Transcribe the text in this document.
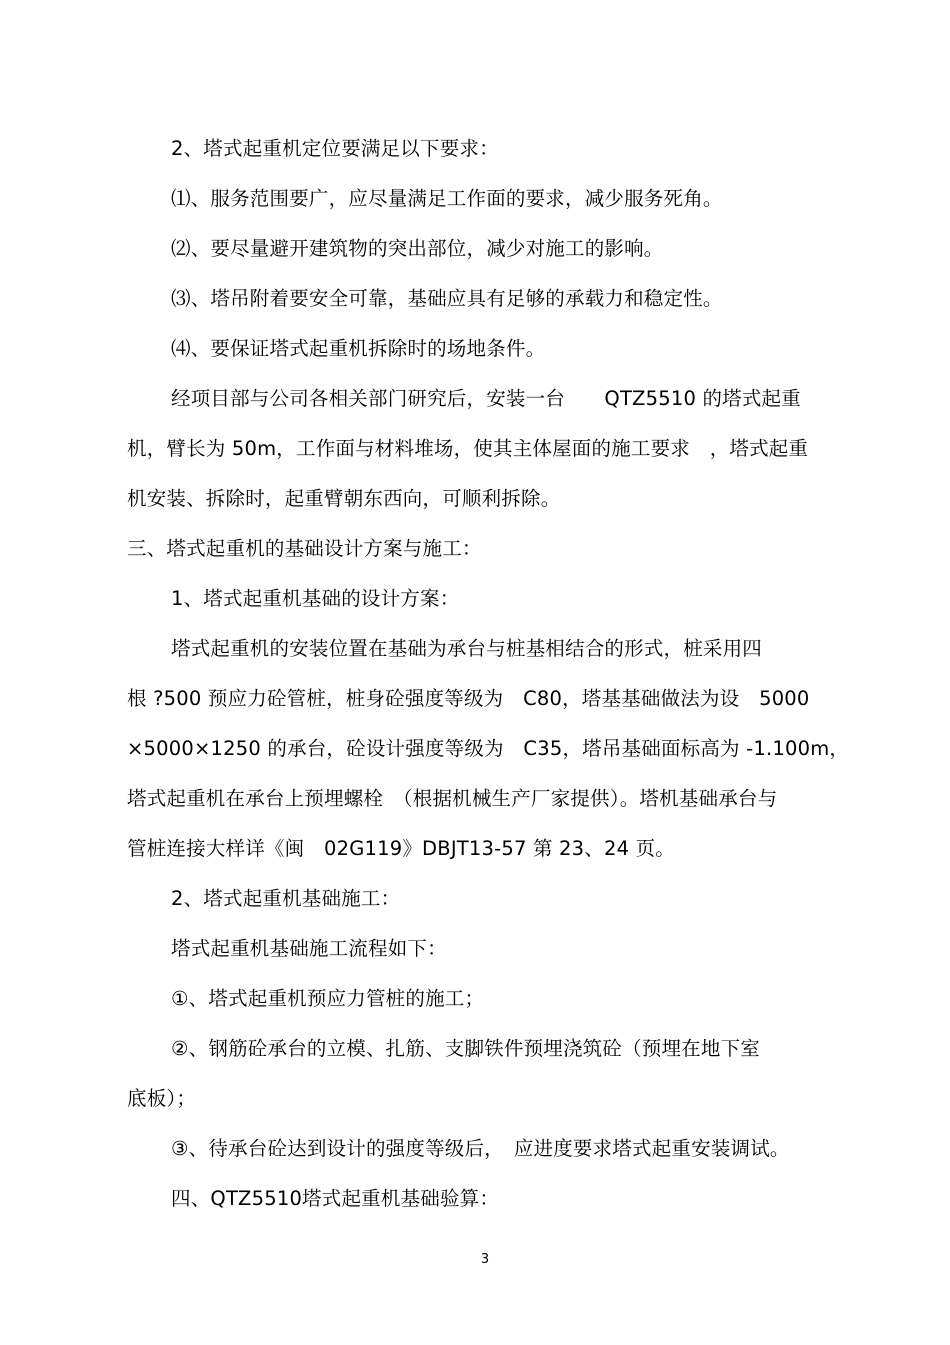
2、塔式起重机定位要满足以下要求：
⑴、服务范围要广，应尽量满足工作面的要求，减少服务死角。
⑵、要尽量避开建筑物的突出部位，减少对施工的影响。
⑶、塔吊附着要安全可靠，基础应具有足够的承载力和稳定性。
⑷、要保证塔式起重机拆除时的场地条件。
经项目部与公司各相关部门研究后，安装一台　　QTZ5510 的塔式起重
机，臂长为 50m，工作面与材料堆场，使其主体屋面的施工要求　，塔式起重
机安装、拆除时，起重臂朝东西向，可顺利拆除。
三、塔式起重机的基础设计方案与施工：
1、塔式起重机基础的设计方案：
塔式起重机的安装位置在基础为承台与桩基相结合的形式，桩采用四
根 ?500 预应力砼管桩，桩身砼强度等级为　C80，塔基基础做法为设　5000
×5000×1250 的承台，砼设计强度等级为　C35，塔吊基础面标高为 -1.100m，
塔式起重机在承台上预埋螺栓　（根据机械生产厂家提供）。塔机基础承台与
管桩连接大样详《闽　02G119》DBJT13-57 第 23、24 页。
2、塔式起重机基础施工：
塔式起重机基础施工流程如下：
①、塔式起重机预应力管桩的施工；
②、钢筋砼承台的立模、扎筋、支脚铁件预埋浇筑砼（预埋在地下室
底板）；
③、待承台砼达到设计的强度等级后，　应进度要求塔式起重安装调试。
四、QTZ5510塔式起重机基础验算：
3
